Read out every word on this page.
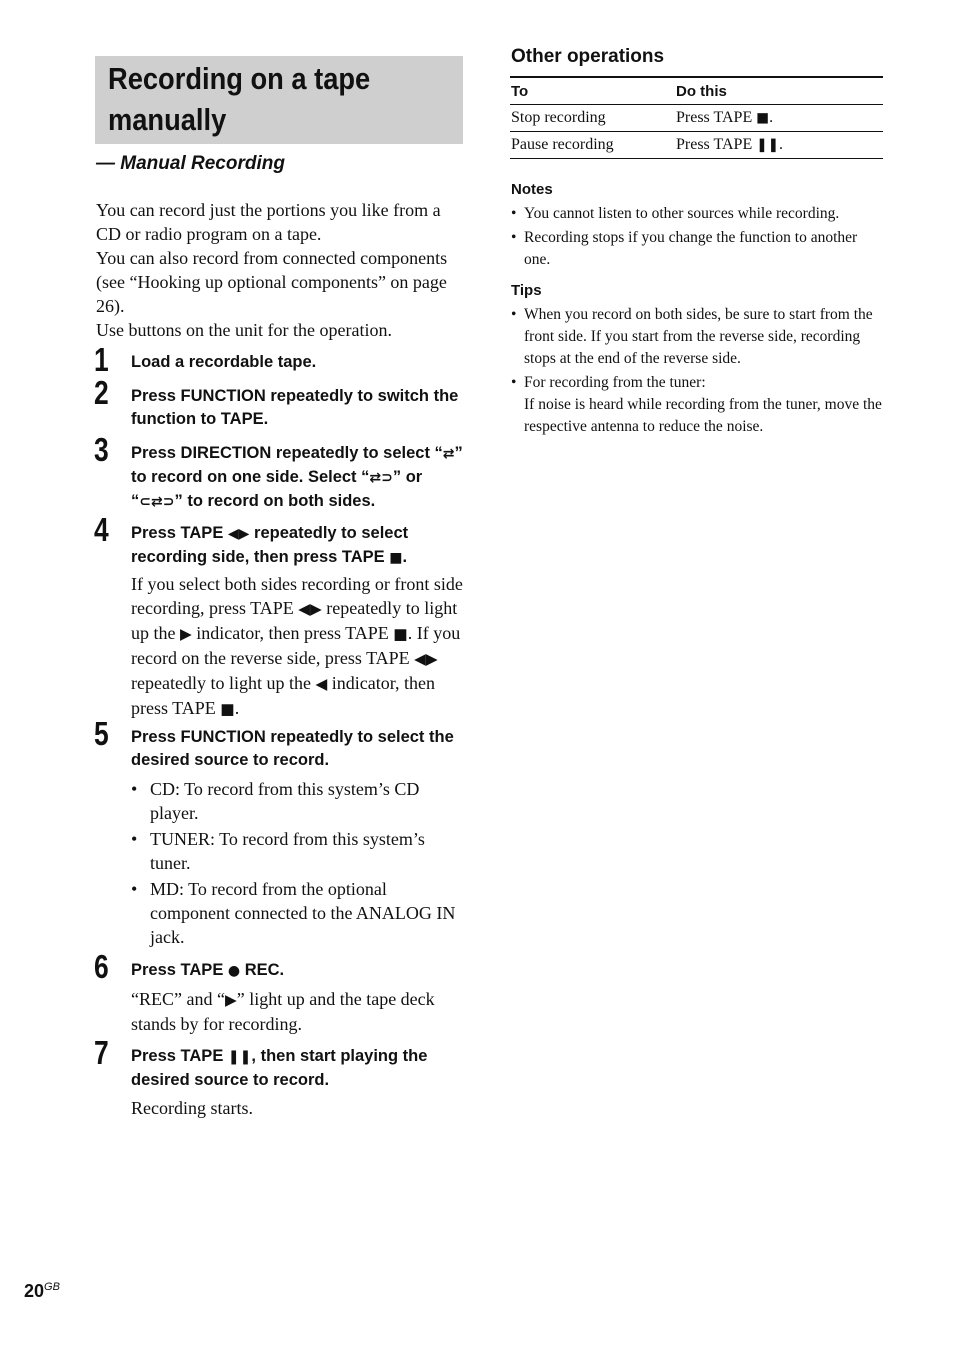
Recording on a tape
manually
— Manual Recording

You can record just the portions you like from a CD or radio program on a tape.

You can also record from connected components (see “Hooking up optional components” on page 26).

Use buttons on the unit for the operation.

1 Load a recordable tape.
2 Press FUNCTION repeatedly to switch the function to TAPE.
3 Press DIRECTION repeatedly to select “⇄” to record on one side. Select “⇄⊃” or “⊂⇄⊃” to record on both sides.
4 Press TAPE ◀▶ repeatedly to select recording side, then press TAPE ■.

If you select both sides recording or front side recording, press TAPE ◀▶ repeatedly to light up the ▶ indicator, then press TAPE ■. If you record on the reverse side, press TAPE ◀▶ repeatedly to light up the ◀ indicator, then press TAPE ■.

5 Press FUNCTION repeatedly to select the desired source to record.
• CD: To record from this system’s CD player.
• TUNER: To record from this system’s tuner.
• MD: To record from the optional component connected to the ANALOG IN jack.
6 Press TAPE ● REC.

“REC” and “▶” light up and the tape deck stands by for recording.

7 Press TAPE ❚❚, then start playing the desired source to record.
Recording starts.
Other operations
To	Do this
Stop recording	Press TAPE ■.
Pause recording	Press TAPE ❚❚.
Notes
• You cannot listen to other sources while recording.
• Recording stops if you change the function to another one.
Tips
• When you record on both sides, be sure to start from the front side. If you start from the reverse side, recording stops at the end of the reverse side.

• For recording from the tuner:

If noise is heard while recording from the tuner, move the respective antenna to reduce the noise.

$20^{GB}$
